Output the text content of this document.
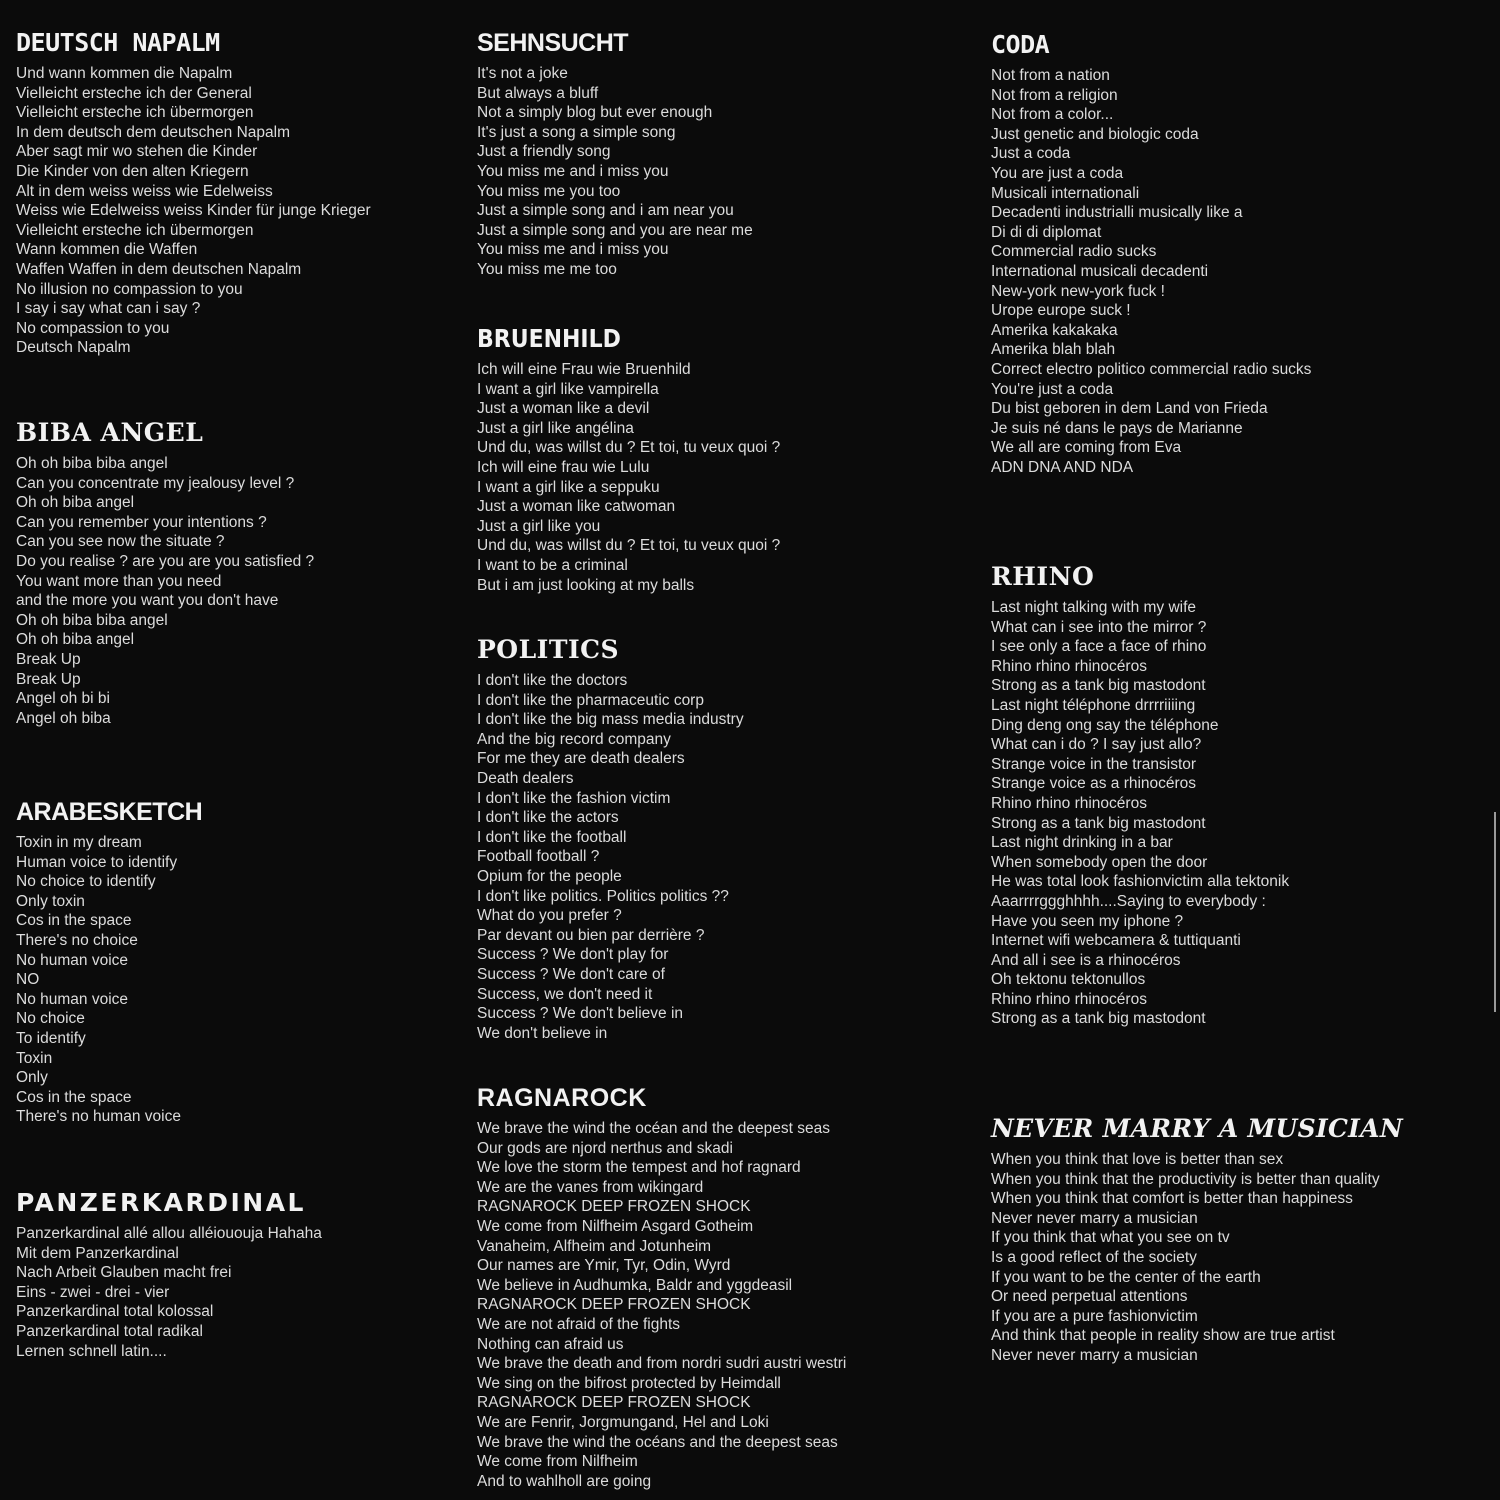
DEUTSCH NAPALM
Und wann kommen die Napalm
Vielleicht ersteche ich der General
Vielleicht ersteche ich übermorgen
In dem deutsch dem deutschen Napalm
Aber sagt mir wo stehen die Kinder
Die Kinder von den alten Kriegern
Alt in dem weiss weiss wie Edelweiss
Weiss wie Edelweiss weiss Kinder für junge Krieger
Vielleicht ersteche ich übermorgen
Wann kommen die Waffen
Waffen Waffen in dem deutschen Napalm
No illusion no compassion to you
I say i say what can i say ?
No compassion to you
Deutsch Napalm
BIBA ANGEL
Oh oh biba biba angel
Can you concentrate my jealousy level ?
Oh oh biba angel
Can you remember your intentions ?
Can you see now the situate ?
Do you realise ? are you are you satisfied ?
You want more than you need
and the more you want you don't have
Oh oh biba biba angel
Oh oh biba angel
Break Up
Break Up
Angel oh bi bi
Angel oh biba
ARABESKETCH
Toxin in my dream
Human voice to identify
No choice to identify
Only toxin
Cos in the space
There's no choice
No human voice
NO
No human voice
No choice
To identify
Toxin
Only
Cos in the space
There's no human voice
PANZERKARDINAL
Panzerkardinal allé allou alléiououja Hahaha
Mit dem Panzerkardinal
Nach Arbeit Glauben macht frei
Eins - zwei - drei - vier
Panzerkardinal total kolossal
Panzerkardinal total radikal
Lernen schnell latin....
SEHNSUCHT
It's not a joke
But always a bluff
Not a simply blog but ever enough
It's just a song a simple song
Just a friendly song
You miss me and i miss you
You miss me you too
Just a simple song and i am near you
Just a simple song and you are near me
You miss me and i miss you
You miss me me too
BRUENHILD
Ich will eine Frau wie Bruenhild
I want a girl like vampirella
Just a woman like a devil
Just a girl like angélina
Und du, was willst du ? Et toi, tu veux quoi ?
Ich will eine frau wie Lulu
I want a girl like a seppuku
Just a woman like catwoman
Just a girl like you
Und du, was willst du ? Et toi, tu veux quoi ?
I want to be a criminal
But i am just looking at my balls
POLITICS
I don't like the doctors
I don't like the pharmaceutic corp
I don't like the big mass media industry
And the big record company
For me they are death dealers
Death dealers
I don't like the fashion victim
I don't like the actors
I don't like the football
Football football ?
Opium for the people
I don't like politics. Politics politics ??
What do you prefer ?
Par devant ou bien par derrière ?
Success ? We don't play for
Success ? We don't care of
Success, we don't need it
Success ? We don't believe in
We don't believe in
RAGNAROCK
We brave the wind the océan and the deepest seas
Our gods are njord nerthus and skadi
We love the storm the tempest and hof ragnard
We are the vanes from wikingard
RAGNAROCK DEEP FROZEN SHOCK
We come from Nilfheim Asgard Gotheim
Vanaheim, Alfheim and Jotunheim
Our names are Ymir, Tyr, Odin, Wyrd
We believe in Audhumka, Baldr and yggdeasil
RAGNAROCK DEEP FROZEN SHOCK
We are not afraid of the fights
Nothing can afraid us
We brave the death and from nordri sudri austri westri
We sing on the bifrost protected by Heimdall
RAGNAROCK DEEP FROZEN SHOCK
We are Fenrir, Jorgmungand, Hel and Loki
We brave the wind the océans and the deepest seas
We come from Nilfheim
And to wahlholl are going
CODA
Not from a nation
Not from a religion
Not from a color...
Just genetic and biologic coda
Just a coda
You are just a coda
Musicali internationali
Decadenti industrialli musically like a
Di di di diplomat
Commercial radio sucks
International musicali decadenti
New-york new-york fuck !
Urope europe suck !
Amerika kakakaka
Amerika blah blah
Correct electro politico commercial radio sucks
You're just a coda
Du bist geboren in dem Land von Frieda
Je suis né dans le pays de Marianne
We all are coming from Eva
ADN DNA AND NDA
RHINO
Last night talking with my wife
What can i see into the mirror ?
I see only a face a face of rhino
Rhino rhino rhinocéros
Strong as a tank big mastodont
Last night téléphone drrrriiiing
Ding deng ong say the téléphone
What can i do ? I say just allo?
Strange voice in the transistor
Strange voice as a rhinocéros
Rhino rhino rhinocéros
Strong as a tank big mastodont
Last night drinking in a bar
When somebody open the door
He was total look fashionvictim alla tektonik
Aaarrrrggghhhh....Saying to everybody :
Have you seen my iphone ?
Internet wifi webcamera & tuttiquanti
And all i see is a rhinocéros
Oh tektonu tektonullos
Rhino rhino rhinocéros
Strong as a tank big mastodont
NEVER MARRY A MUSICIAN
When you think that love is better than sex
When you think that the productivity is better than quality
When you think that comfort is better than happiness
Never never marry a musician
If you think that what you see on tv
Is a good reflect of the society
If you want to be the center of the earth
Or need perpetual attentions
If you are a pure fashionvictim
And think that people in reality show are true artist
Never never marry a musician
